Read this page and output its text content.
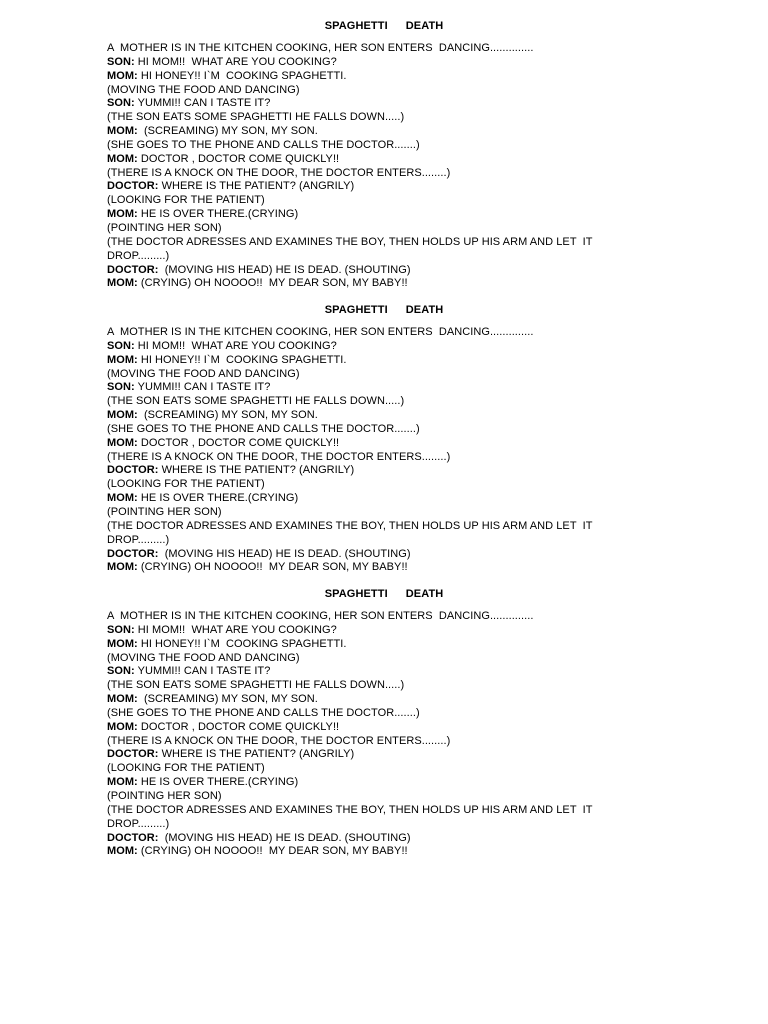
SPAGHETTI DEATH
A  MOTHER IS IN THE KITCHEN COOKING, HER SON ENTERS  DANCING..............
SON: HI MOM!!  WHAT ARE YOU COOKING?
MOM: HI HONEY!! I`M  COOKING SPAGHETTI.
(MOVING THE FOOD AND DANCING)
SON: YUMMI!! CAN I TASTE IT?
(THE SON EATS SOME SPAGHETTI HE FALLS DOWN.....)
MOM:  (SCREAMING) MY SON, MY SON.
(SHE GOES TO THE PHONE AND CALLS THE DOCTOR.......)
MOM: DOCTOR , DOCTOR COME QUICKLY!!
(THERE IS A KNOCK ON THE DOOR, THE DOCTOR ENTERS........)
DOCTOR: WHERE IS THE PATIENT? (ANGRILY)
(LOOKING FOR THE PATIENT)
MOM: HE IS OVER THERE.(CRYING)
(POINTING HER SON)
(THE DOCTOR ADRESSES AND EXAMINES THE BOY, THEN HOLDS UP HIS ARM AND LET  IT
DROP.........)
DOCTOR:  (MOVING HIS HEAD) HE IS DEAD. (SHOUTING)
MOM: (CRYING) OH NOOOO!!  MY DEAR SON, MY BABY!!
SPAGHETTI DEATH
A  MOTHER IS IN THE KITCHEN COOKING, HER SON ENTERS  DANCING..............
SON: HI MOM!!  WHAT ARE YOU COOKING?
MOM: HI HONEY!! I`M  COOKING SPAGHETTI.
(MOVING THE FOOD AND DANCING)
SON: YUMMI!! CAN I TASTE IT?
(THE SON EATS SOME SPAGHETTI HE FALLS DOWN.....)
MOM:  (SCREAMING) MY SON, MY SON.
(SHE GOES TO THE PHONE AND CALLS THE DOCTOR.......)
MOM: DOCTOR , DOCTOR COME QUICKLY!!
(THERE IS A KNOCK ON THE DOOR, THE DOCTOR ENTERS........)
DOCTOR: WHERE IS THE PATIENT? (ANGRILY)
(LOOKING FOR THE PATIENT)
MOM: HE IS OVER THERE.(CRYING)
(POINTING HER SON)
(THE DOCTOR ADRESSES AND EXAMINES THE BOY, THEN HOLDS UP HIS ARM AND LET  IT
DROP.........)
DOCTOR:  (MOVING HIS HEAD) HE IS DEAD. (SHOUTING)
MOM: (CRYING) OH NOOOO!!  MY DEAR SON, MY BABY!!
SPAGHETTI DEATH
A  MOTHER IS IN THE KITCHEN COOKING, HER SON ENTERS  DANCING..............
SON: HI MOM!!  WHAT ARE YOU COOKING?
MOM: HI HONEY!! I`M  COOKING SPAGHETTI.
(MOVING THE FOOD AND DANCING)
SON: YUMMI!! CAN I TASTE IT?
(THE SON EATS SOME SPAGHETTI HE FALLS DOWN.....)
MOM:  (SCREAMING) MY SON, MY SON.
(SHE GOES TO THE PHONE AND CALLS THE DOCTOR.......)
MOM: DOCTOR , DOCTOR COME QUICKLY!!
(THERE IS A KNOCK ON THE DOOR, THE DOCTOR ENTERS........)
DOCTOR: WHERE IS THE PATIENT? (ANGRILY)
(LOOKING FOR THE PATIENT)
MOM: HE IS OVER THERE.(CRYING)
(POINTING HER SON)
(THE DOCTOR ADRESSES AND EXAMINES THE BOY, THEN HOLDS UP HIS ARM AND LET  IT
DROP.........)
DOCTOR:  (MOVING HIS HEAD) HE IS DEAD. (SHOUTING)
MOM: (CRYING) OH NOOOO!!  MY DEAR SON, MY BABY!!
